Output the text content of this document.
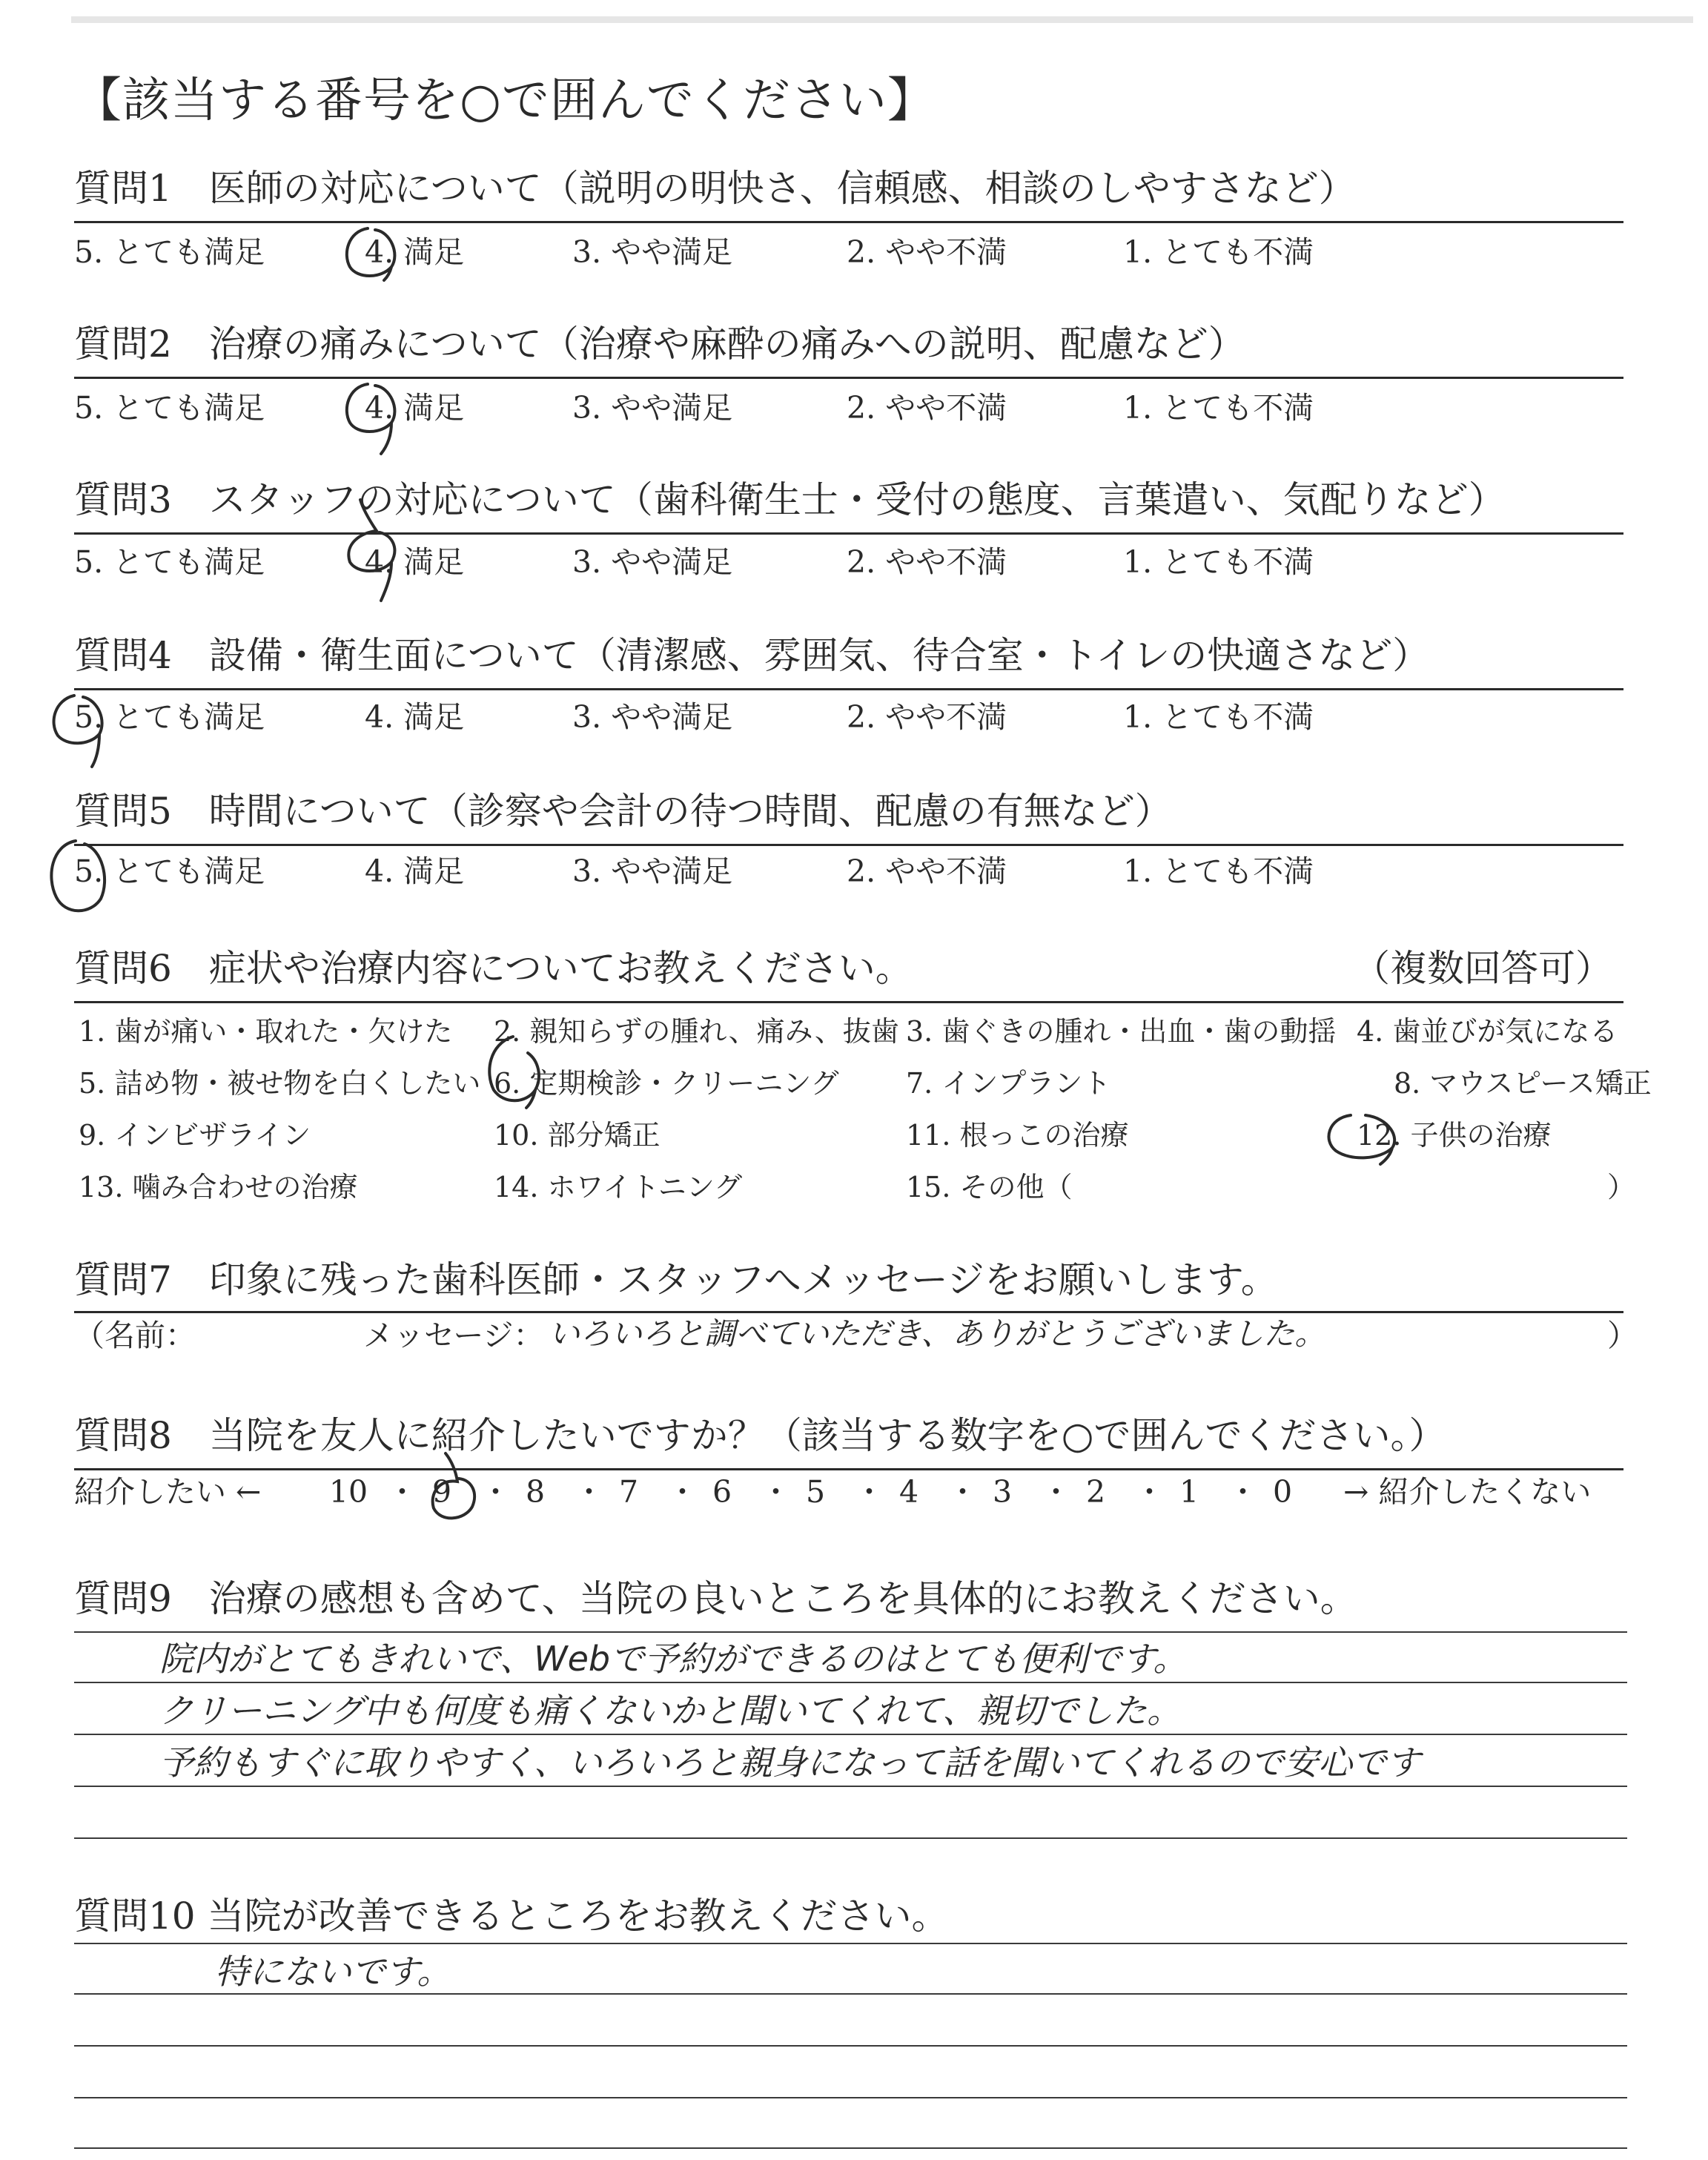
【該当する番号を○で囲んでください】
質問1　医師の対応について（説明の明快さ、信頼感、相談のしやすさなど）
5. とても満足	4. 満足	3. やや満足	2. やや不満	1. とても不満
質問2　治療の痛みについて（治療や麻酔の痛みへの説明、配慮など）
5. とても満足	4. 満足	3. やや満足	2. やや不満	1. とても不満
質問3　スタッフの対応について（歯科衛生士・受付の態度、言葉遣い、気配りなど）
5. とても満足	4. 満足	3. やや満足	2. やや不満	1. とても不満
質問4　設備・衛生面について（清潔感、雰囲気、待合室・トイレの快適さなど）
5. とても満足	4. 満足	3. やや満足	2. やや不満	1. とても不満
質問5　時間について（診察や会計の待つ時間、配慮の有無など）
5. とても満足	4. 満足	3. やや満足	2. やや不満	1. とても不満
質問6　症状や治療内容についてお教えください。	（複数回答可）
1. 歯が痛い・取れた・欠けた 2. 親知らずの腫れ、痛み、抜歯 3. 歯ぐきの腫れ・出血・歯の動揺 4. 歯並びが気になる
5. 詰め物・被せ物を白くしたい 6. 定期検診・クリーニング 7. インプラント	8. マウスピース矯正
9. インビザライン	10. 部分矯正	11. 根っこの治療	12. 子供の治療
13. 噛み合わせの治療	14. ホワイトニング	15. その他（	）
質問7　印象に残った歯科医師・スタッフへメッセージをお願いします。
（名前：	メッセージ： いろいろと調べていただき、ありがとうございました。	）
質問8　当院を友人に紹介したいですか？（該当する数字を○で囲んでください。）
紹介したい ← 10 ・ 9 ・ 8 ・ 7 ・ 6 ・ 5 ・ 4 ・ 3 ・ 2 ・ 1 ・ 0	→ 紹介したくない
質問9　治療の感想も含めて、当院の良いところを具体的にお教えください。
院内がとてもきれいで、Webで予約ができるのはとても便利です。
クリーニング中も何度も痛くないかと聞いてくれて、親切でした。
予約もすぐに取りやすく、いろいろと親身になって話を聞いてくれるので安心です
質問10 当院が改善できるところをお教えください。
特にないです。
